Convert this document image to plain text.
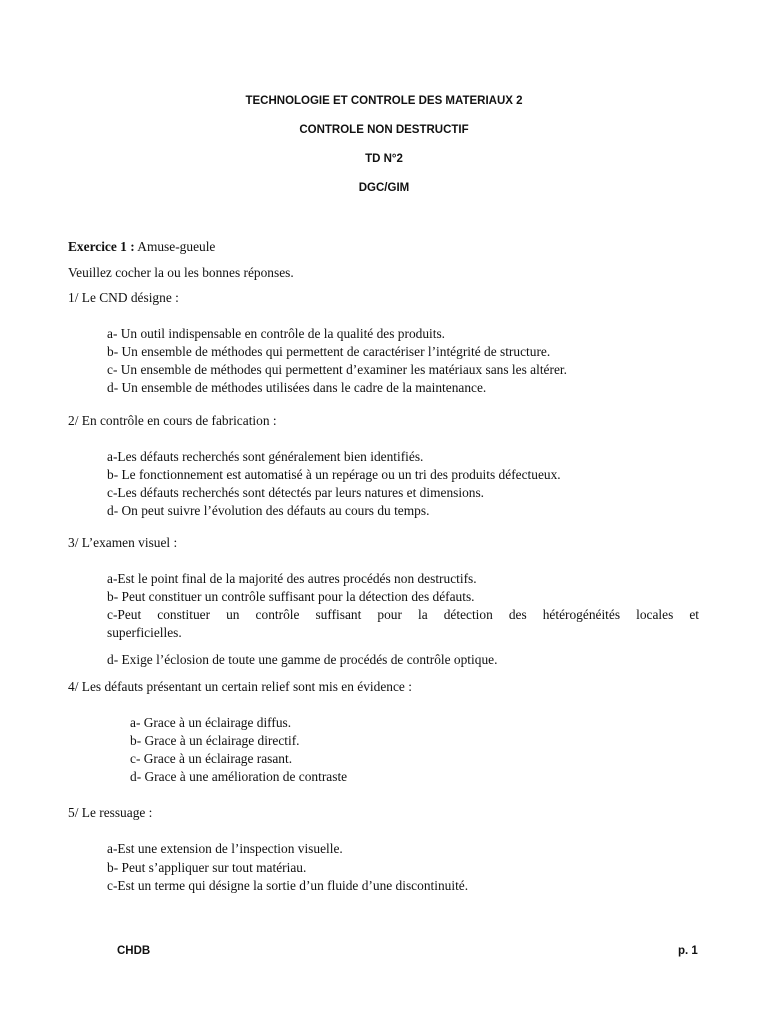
TECHNOLOGIE ET CONTROLE DES MATERIAUX 2
CONTROLE NON DESTRUCTIF
TD N°2
DGC/GIM
Exercice 1 : Amuse-gueule
Veuillez cocher la ou les bonnes réponses.
1/ Le CND désigne :
a- Un outil indispensable en contrôle de la qualité des produits.
b- Un ensemble de méthodes qui permettent de caractériser l’intégrité de structure.
c- Un ensemble de méthodes qui permettent d’examiner les matériaux sans les altérer.
d- Un ensemble de méthodes utilisées dans le cadre de la maintenance.
2/ En contrôle en cours de fabrication :
a-Les défauts recherchés sont généralement bien identifiés.
b- Le fonctionnement est automatisé à un repérage ou un tri des produits défectueux.
c-Les défauts recherchés sont détectés par leurs natures et dimensions.
d- On peut suivre l’évolution des défauts au cours du temps.
3/ L’examen visuel :
a-Est le point final de la majorité des autres procédés non destructifs.
b- Peut constituer un contrôle suffisant pour la détection des défauts.
c-Peut constituer un contrôle suffisant pour la détection des hétérogénéités locales et
superficielles.
d- Exige l’éclosion de toute une gamme de procédés de contrôle optique.
4/ Les défauts présentant un certain relief sont mis en évidence :
a- Grace à un éclairage diffus.
b- Grace à un éclairage directif.
c- Grace à un éclairage rasant.
d- Grace à une amélioration de contraste
5/ Le ressuage :
a-Est une extension de l’inspection visuelle.
b- Peut s’appliquer sur tout matériau.
c-Est un terme qui désigne la sortie d’un fluide d’une discontinuité.
CHDB	p. 1
